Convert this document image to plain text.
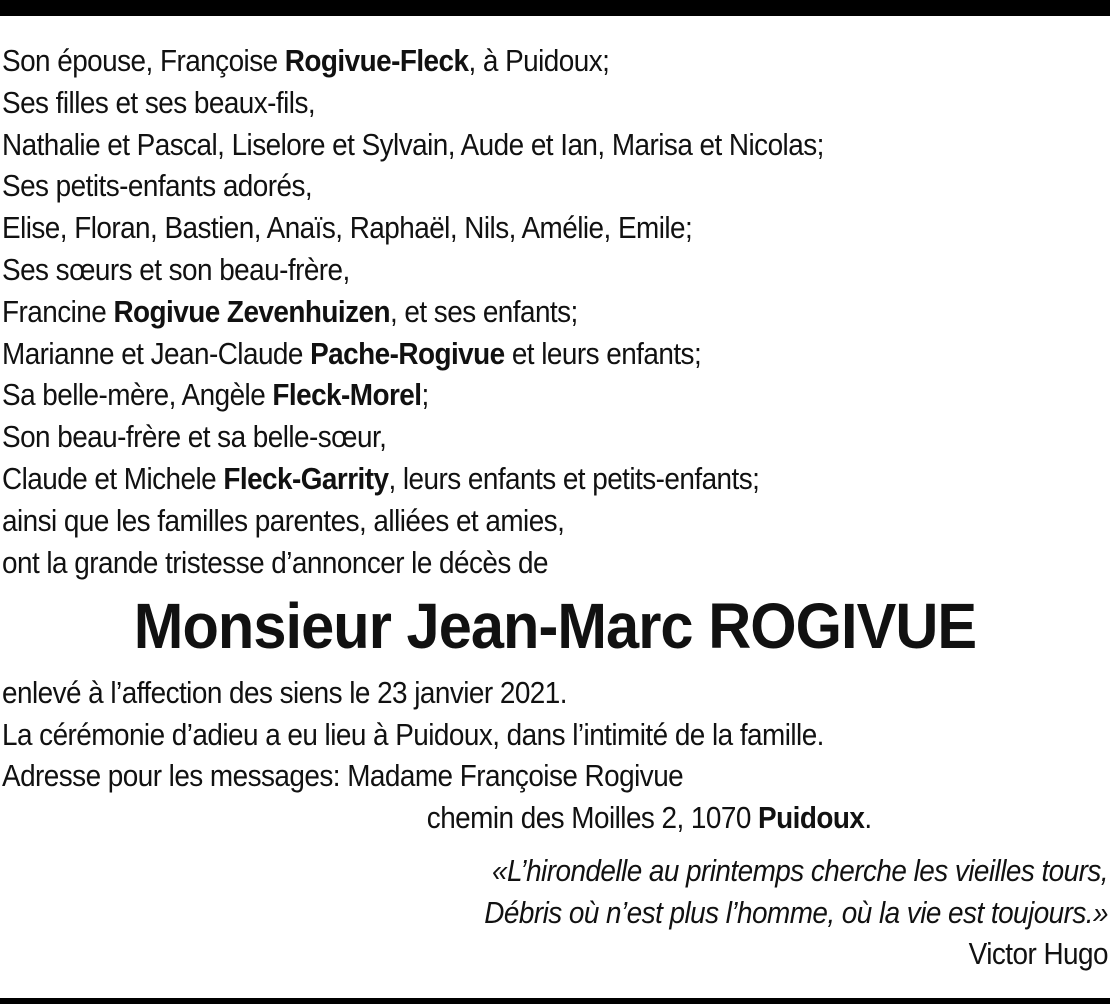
Son épouse, Françoise Rogivue-Fleck, à Puidoux;
Ses filles et ses beaux-fils,
Nathalie et Pascal, Liselore et Sylvain, Aude et Ian, Marisa et Nicolas;
Ses petits-enfants adorés,
Elise, Floran, Bastien, Anaïs, Raphaël, Nils, Amélie, Emile;
Ses sœurs et son beau-frère,
Francine Rogivue Zevenhuizen, et ses enfants;
Marianne et Jean-Claude Pache-Rogivue et leurs enfants;
Sa belle-mère, Angèle Fleck-Morel;
Son beau-frère et sa belle-sœur,
Claude et Michele Fleck-Garrity, leurs enfants et petits-enfants;
ainsi que les familles parentes, alliées et amies,
ont la grande tristesse d’annoncer le décès de
Monsieur Jean-Marc ROGIVUE
enlevé à l’affection des siens le 23 janvier 2021.
La cérémonie d’adieu a eu lieu à Puidoux, dans l’intimité de la famille.
Adresse pour les messages: Madame Françoise Rogivue
chemin des Moilles 2, 1070 Puidoux.
«L’hirondelle au printemps cherche les vieilles tours,
Débris où n’est plus l’homme, où la vie est toujours.»
Victor Hugo
